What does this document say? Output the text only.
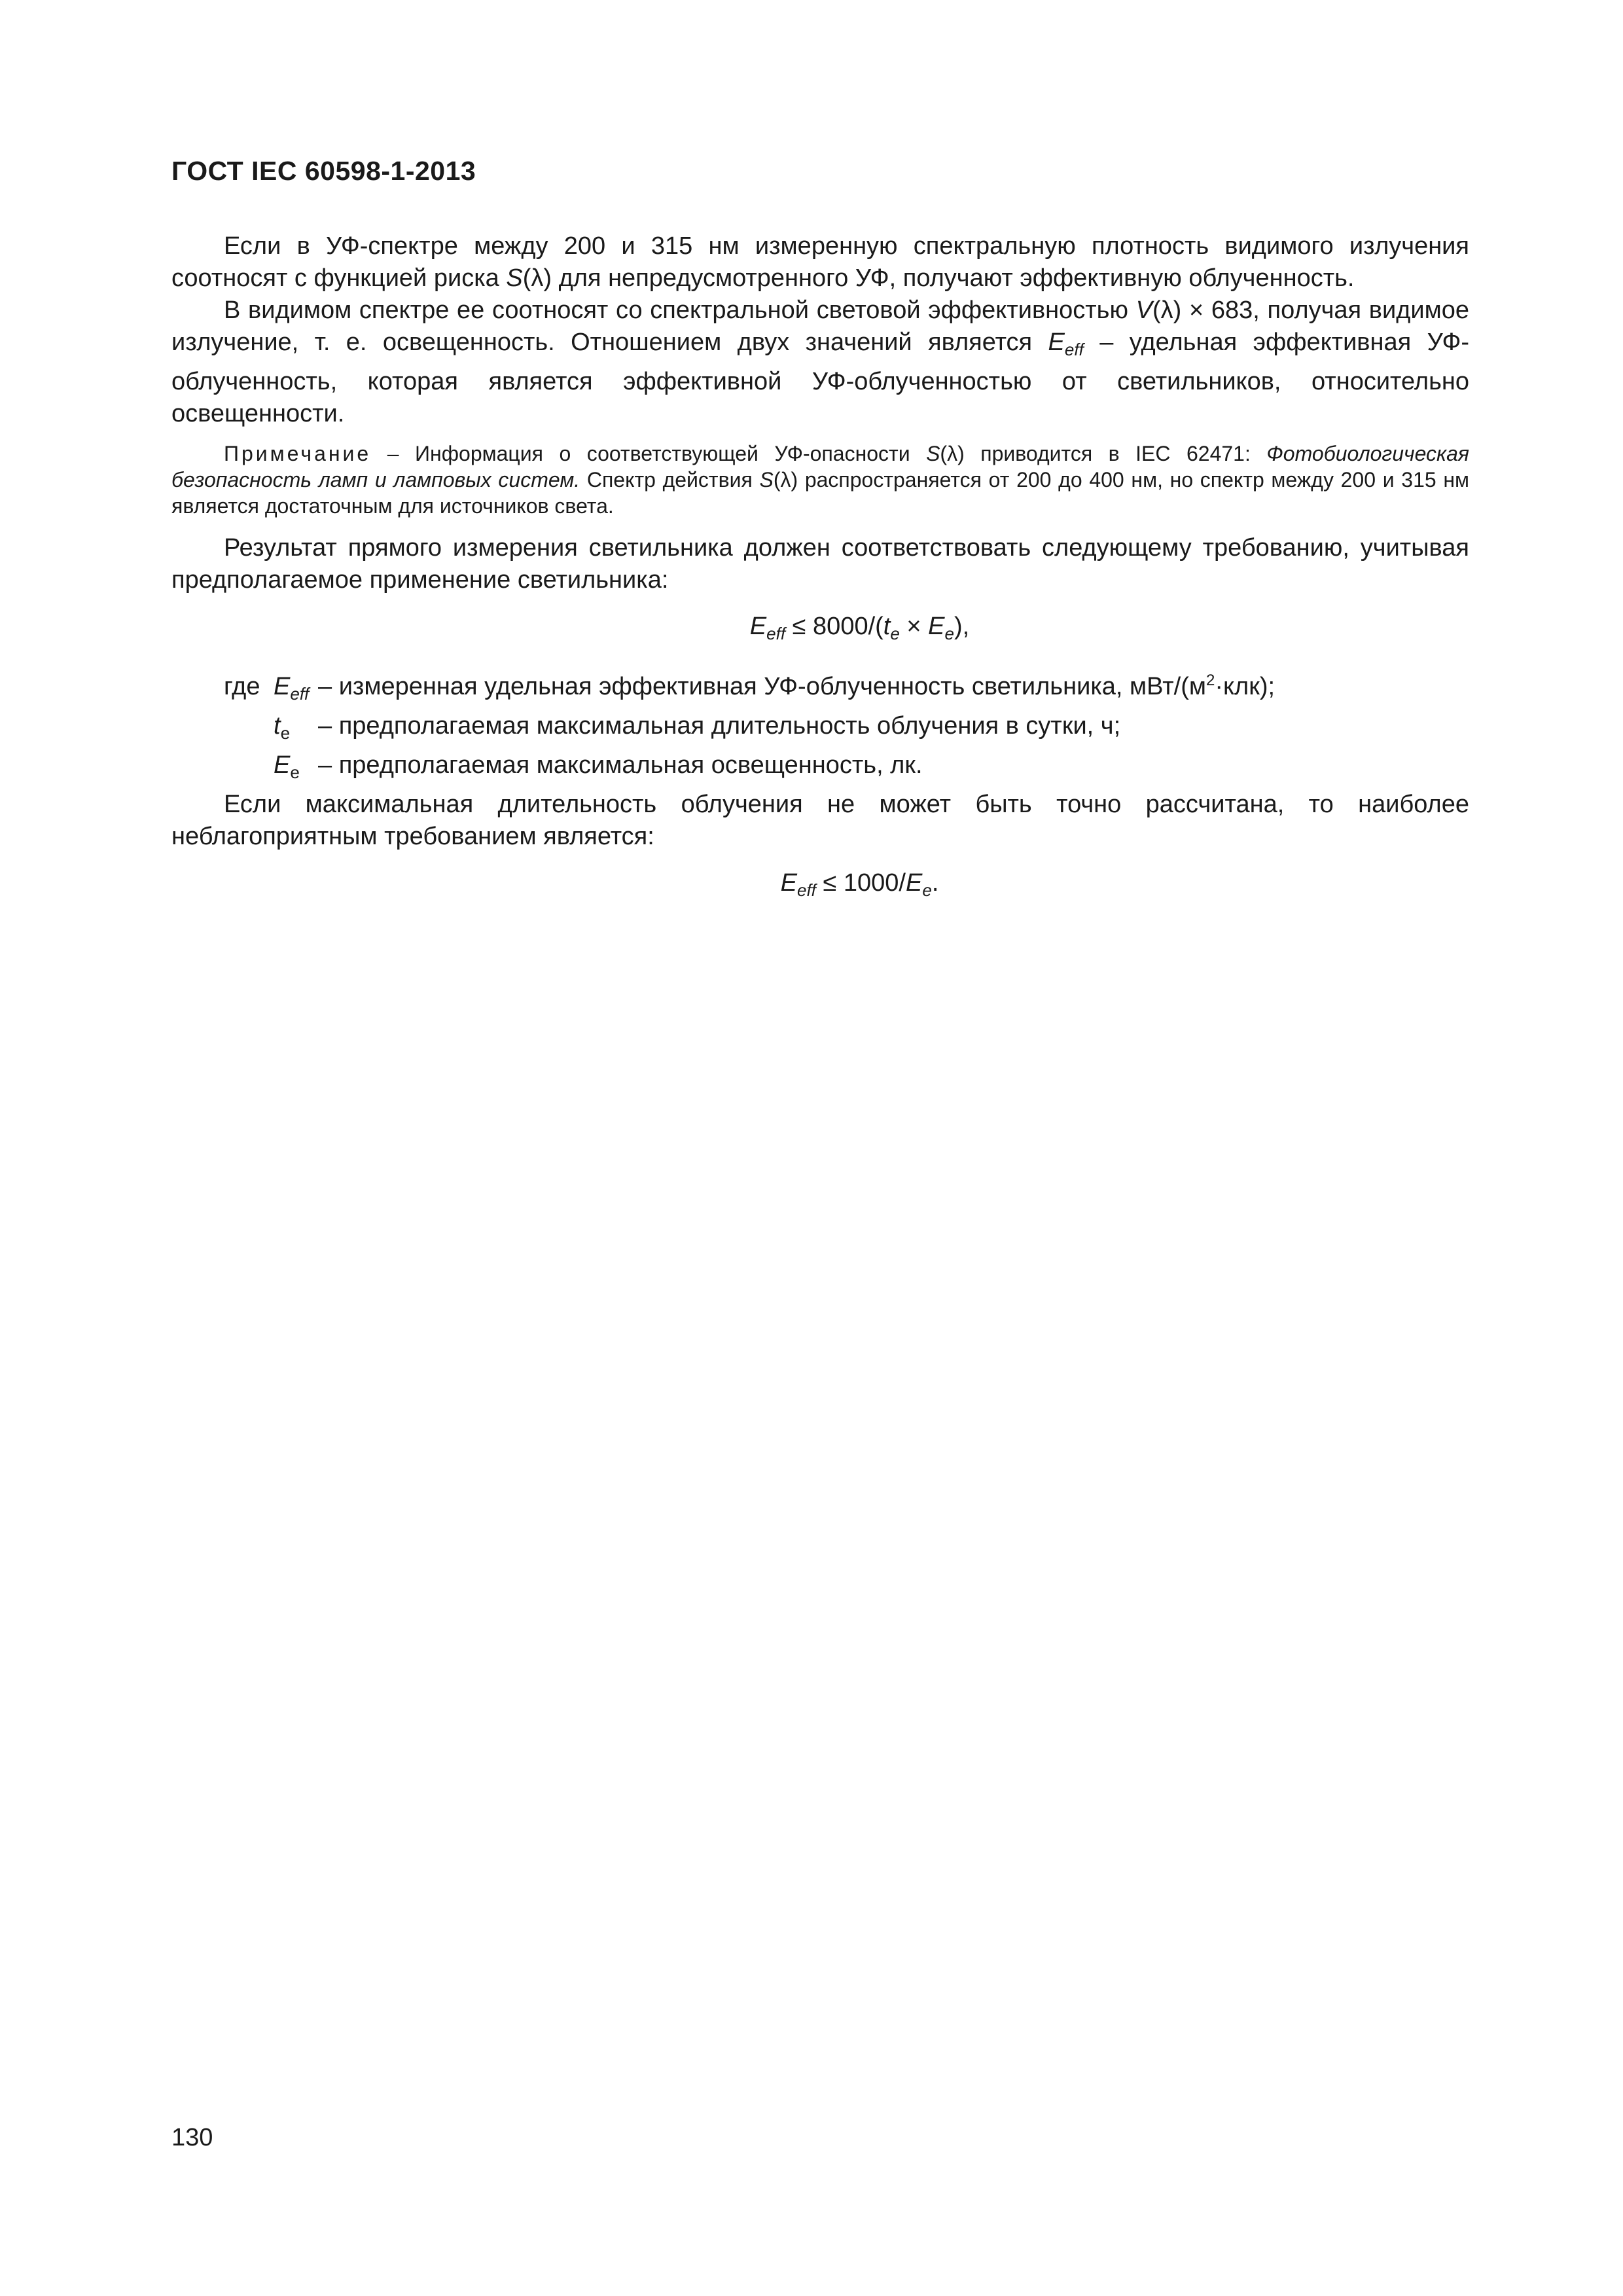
ГОСТ IEC 60598-1-2013

Если в УФ-спектре между 200 и 315 нм измеренную спектральную плотность видимого излучения соотносят с функцией риска S(λ) для непредусмотренного УФ, получают эффективную облученность.

В видимом спектре ее соотносят со спектральной световой эффективностью V(λ) × 683, получая видимое излучение, т. е. освещенность. Отношением двух значений является $E_{eff}$ – удельная эффективная УФ-облученность, которая является эффективной УФ-облученностью от светильников, относительно освещенности.

Примечание – Информация о соответствующей УФ-опасности S(λ) приводится в IEC 62471: Фотобиологическая безопасность ламп и ламповых систем. Спектр действия S(λ) распространяется от 200 до 400 нм, но спектр между 200 и 315 нм является достаточным для источников света.

Результат прямого измерения светильника должен соответствовать следующему требованию, учитывая предполагаемое применение светильника:

$E_{eff} \le 8000/(t_e \times E_e)$,
где $E_{eff}$ – измеренная удельная эффективная УФ-облученность светильника, мВт/$(м^2\cdot клк)$;
$t_e$	– предполагаемая максимальная длительность облучения в сутки, ч;
$E_e$ – предполагаемая максимальная освещенность, лк.

Если максимальная длительность облучения не может быть точно рассчитана, то наиболее неблагоприятным требованием является:

$E_{eff} \le 1000/E_e$.
130
